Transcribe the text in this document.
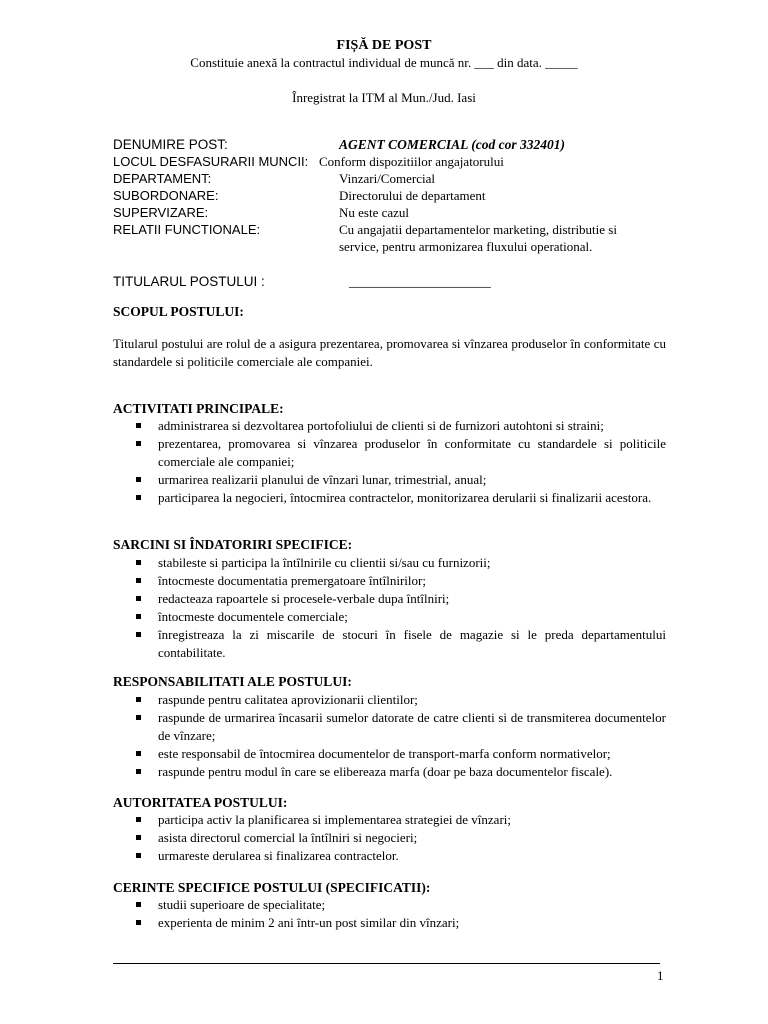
FIȘĂ DE POST
Constituie anexă la contractul individual de muncă nr. ___ din data. _____
Înregistrat la ITM al Mun./Jud. Iasi
DENUMIRE POST:	AGENT COMERCIAL (cod cor 332401)
LOCUL DESFASURARII MUNCII: Conform dispozitiilor angajatorului
DEPARTAMENT:	Vinzari/Comercial
SUBORDONARE:	Directorului de departament
SUPERVIZARE:	Nu este cazul
RELATII FUNCTIONALE:	Cu angajatii departamentelor marketing, distributie si service, pentru armonizarea fluxului operational.
TITULARUL POSTULUI :	_____________________
SCOPUL POSTULUI:
Titularul postului are rolul de a asigura prezentarea, promovarea si vînzarea produselor în conformitate cu standardele si politicile comerciale ale companiei.
ACTIVITATI PRINCIPALE:
administrarea si dezvoltarea portofoliului de clienti si de furnizori autohtoni si straini;
prezentarea, promovarea si vînzarea produselor în conformitate cu standardele si politicile comerciale ale companiei;
urmarirea realizarii planului de vînzari lunar, trimestrial, anual;
participarea la negocieri, întocmirea contractelor, monitorizarea derularii si finalizarii acestora.
SARCINI SI ÎNDATORIRI SPECIFICE:
stabileste si participa la întîlnirile cu clientii si/sau cu furnizorii;
întocmeste documentatia premergatoare întîlnirilor;
redacteaza rapoartele si procesele-verbale dupa întîlniri;
întocmeste documentele comerciale;
înregistreaza la zi miscarile de stocuri în fisele de magazie si le preda departamentului contabilitate.
RESPONSABILITATI ALE POSTULUI:
raspunde pentru calitatea aprovizionarii clientilor;
raspunde de urmarirea încasarii sumelor datorate de catre clienti si de transmiterea documentelor de vînzare;
este responsabil de întocmirea documentelor de transport-marfa conform normativelor;
raspunde pentru modul în care se elibereaza marfa (doar pe baza documentelor fiscale).
AUTORITATEA POSTULUI:
participa activ la planificarea si implementarea strategiei de vînzari;
asista directorul comercial la întîlniri si negocieri;
urmareste derularea si finalizarea contractelor.
CERINTE SPECIFICE POSTULUI (SPECIFICATII):
studii superioare de specialitate;
experienta de minim 2 ani într-un post similar din vînzari;
1
